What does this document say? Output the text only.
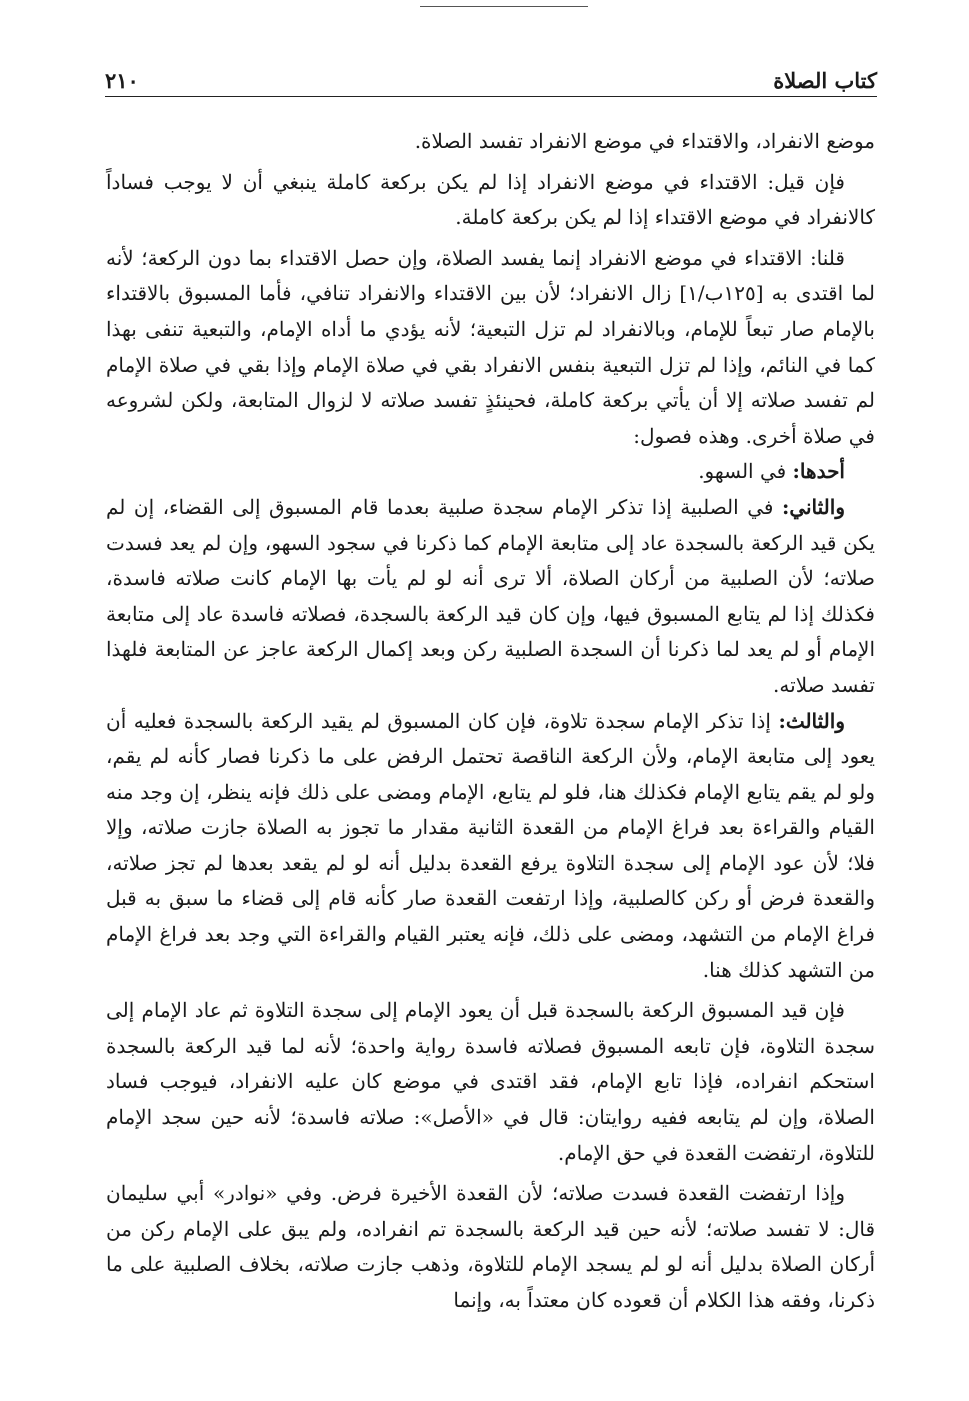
كتاب الصلاة
٢١٠

موضع الانفراد، والاقتداء في موضع الانفراد تفسد الصلاة.

فإن قيل: الاقتداء في موضع الانفراد إذا لم يكن بركعة كاملة ينبغي أن لا يوجب فساداً كالانفراد في موضع الاقتداء إذا لم يكن بركعة كاملة.

قلنا: الاقتداء في موضع الانفراد إنما يفسد الصلاة، وإن حصل الاقتداء بما دون الركعة؛ لأنه لما اقتدى به [١٢٥ب/١] زال الانفراد؛ لأن بين الاقتداء والانفراد تنافي، فأما المسبوق بالاقتداء بالإمام صار تبعاً للإمام، وبالانفراد لم تزل التبعية؛ لأنه يؤدي ما أداه الإمام، والتبعية تنفى بهذا كما في النائم، وإذا لم تزل التبعية بنفس الانفراد بقي في صلاة الإمام وإذا بقي في صلاة الإمام لم تفسد صلاته إلا أن يأتي بركعة كاملة، فحينئذٍ تفسد صلاته لا لزوال المتابعة، ولكن لشروعه في صلاة أخرى. وهذه فصول:

أحدها: في السهو.

والثاني: في الصلبية إذا تذكر الإمام سجدة صلبية بعدما قام المسبوق إلى القضاء، إن لم يكن قيد الركعة بالسجدة عاد إلى متابعة الإمام كما ذكرنا في سجود السهو، وإن لم يعد فسدت صلاته؛ لأن الصلبية من أركان الصلاة، ألا ترى أنه لو لم يأت بها الإمام كانت صلاته فاسدة، فكذلك إذا لم يتابع المسبوق فيها، وإن كان قيد الركعة بالسجدة، فصلاته فاسدة عاد إلى متابعة الإمام أو لم يعد لما ذكرنا أن السجدة الصلبية ركن وبعد إكمال الركعة عاجز عن المتابعة فلهذا تفسد صلاته.

والثالث: إذا تذكر الإمام سجدة تلاوة، فإن كان المسبوق لم يقيد الركعة بالسجدة فعليه أن يعود إلى متابعة الإمام، ولأن الركعة الناقصة تحتمل الرفض على ما ذكرنا فصار كأنه لم يقم، ولو لم يقم يتابع الإمام فكذلك هنا، فلو لم يتابع، الإمام ومضى على ذلك فإنه ينظر، إن وجد منه القيام والقراءة بعد فراغ الإمام من القعدة الثانية مقدار ما تجوز به الصلاة جازت صلاته، وإلا فلا؛ لأن عود الإمام إلى سجدة التلاوة يرفع القعدة بدليل أنه لو لم يقعد بعدها لم تجز صلاته، والقعدة فرض أو ركن كالصلبية، وإذا ارتفعت القعدة صار كأنه قام إلى قضاء ما سبق به قبل فراغ الإمام من التشهد، ومضى على ذلك، فإنه يعتبر القيام والقراءة التي وجد بعد فراغ الإمام من التشهد كذلك هنا.

فإن قيد المسبوق الركعة بالسجدة قبل أن يعود الإمام إلى سجدة التلاوة ثم عاد الإمام إلى سجدة التلاوة، فإن تابعه المسبوق فصلاته فاسدة رواية واحدة؛ لأنه لما قيد الركعة بالسجدة استحكم انفراده، فإذا تابع الإمام، فقد اقتدى في موضع كان عليه الانفراد، فيوجب فساد الصلاة، وإن لم يتابعه ففيه روايتان: قال في «الأصل»: صلاته فاسدة؛ لأنه حين سجد الإمام للتلاوة، ارتفضت القعدة في حق الإمام.

وإذا ارتفضت القعدة فسدت صلاته؛ لأن القعدة الأخيرة فرض. وفي «نوادر» أبي سليمان قال: لا تفسد صلاته؛ لأنه حين قيد الركعة بالسجدة تم انفراده، ولم يبق على الإمام ركن من أركان الصلاة بدليل أنه لو لم يسجد الإمام للتلاوة، وذهب جازت صلاته، بخلاف الصلبية على ما ذكرنا، وفقه هذا الكلام أن قعوده كان معتداً به، وإنما
